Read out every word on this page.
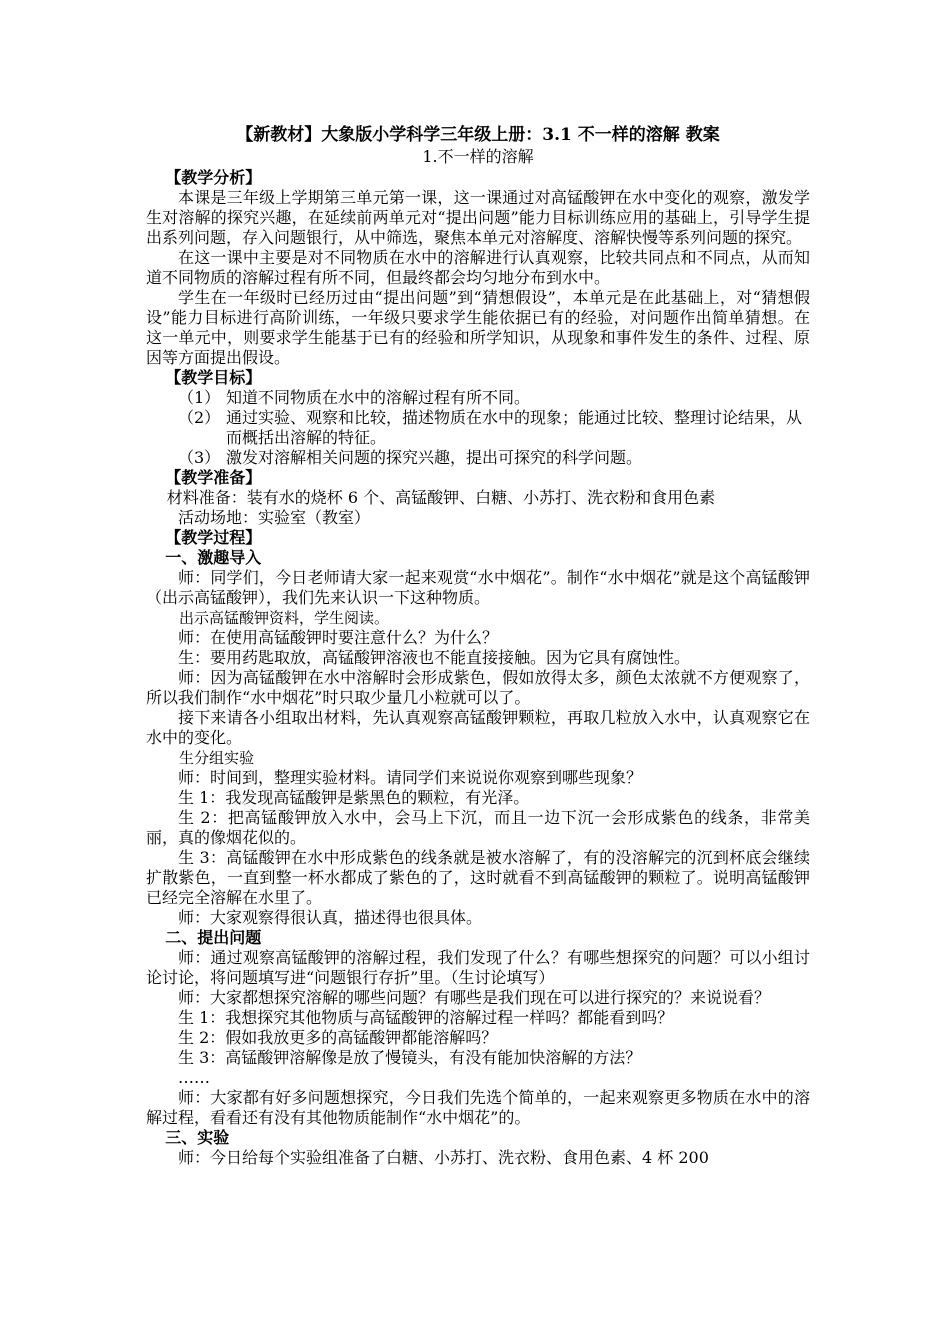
【新教材】大象版小学科学三年级上册：3.1 不一样的溶解 教案

1.不一样的溶解

【教学分析】

本课是三年级上学期第三单元第一课，这一课通过对高锰酸钾在水中变化的观察，激发学生对溶解的探究兴趣，在延续前两单元对“提出问题”能力目标训练应用的基础上，引导学生提出系列问题，存入问题银行，从中筛选，聚焦本单元对溶解度、溶解快慢等系列问题的探究。

在这一课中主要是对不同物质在水中的溶解进行认真观察，比较共同点和不同点，从而知道不同物质的溶解过程有所不同，但最终都会均匀地分布到水中。

学生在一年级时已经历过由“提出问题”到“猜想假设”，本单元是在此基础上，对“猜想假设”能力目标进行高阶训练，一年级只要求学生能依据已有的经验，对问题作出简单猜想。在这一单元中，则要求学生能基于已有的经验和所学知识，从现象和事件发生的条件、过程、原因等方面提出假设。

【教学目标】

（1） 知道不同物质在水中的溶解过程有所不同。
（2） 通过实验、观察和比较，描述物质在水中的现象；能通过比较、整理讨论结果，从而概括出溶解的特征。
（3） 激发对溶解相关问题的探究兴趣，提出可探究的科学问题。

【教学准备】

材料准备：装有水的烧杯 6 个、高锰酸钾、白糖、小苏打、洗衣粉和食用色素

活动场地：实验室（教室）

【教学过程】

一、激趣导入

师：同学们，今日老师请大家一起来观赏“水中烟花”。制作“水中烟花”就是这个高锰酸钾（出示高锰酸钾），我们先来认识一下这种物质。

出示高锰酸钾资料，学生阅读。

师：在使用高锰酸钾时要注意什么？为什么？

生：要用药匙取放，高锰酸钾溶液也不能直接接触。因为它具有腐蚀性。

师：因为高锰酸钾在水中溶解时会形成紫色，假如放得太多，颜色太浓就不方便观察了，所以我们制作“水中烟花”时只取少量几小粒就可以了。

接下来请各小组取出材料，先认真观察高锰酸钾颗粒，再取几粒放入水中，认真观察它在水中的变化。

生分组实验

师：时间到，整理实验材料。请同学们来说说你观察到哪些现象？

生 1：我发现高锰酸钾是紫黑色的颗粒，有光泽。

生 2：把高锰酸钾放入水中，会马上下沉，而且一边下沉一会形成紫色的线条，非常美丽，真的像烟花似的。

生 3：高锰酸钾在水中形成紫色的线条就是被水溶解了，有的没溶解完的沉到杯底会继续扩散紫色，一直到整一杯水都成了紫色的了，这时就看不到高锰酸钾的颗粒了。说明高锰酸钾已经完全溶解在水里了。

师：大家观察得很认真，描述得也很具体。

二、提出问题

师：通过观察高锰酸钾的溶解过程，我们发现了什么？有哪些想探究的问题？可以小组讨论讨论，将问题填写进“问题银行存折”里。（生讨论填写）

师：大家都想探究溶解的哪些问题？有哪些是我们现在可以进行探究的？来说说看？

生 1：我想探究其他物质与高锰酸钾的溶解过程一样吗？都能看到吗？

生 2：假如我放更多的高锰酸钾都能溶解吗？

生 3：高锰酸钾溶解像是放了慢镜头，有没有能加快溶解的方法？

……

师：大家都有好多问题想探究，今日我们先选个简单的，一起来观察更多物质在水中的溶解过程，看看还有没有其他物质能制作“水中烟花”的。

三、实验

师：今日给每个实验组准备了白糖、小苏打、洗衣粉、食用色素、4 杯 200
